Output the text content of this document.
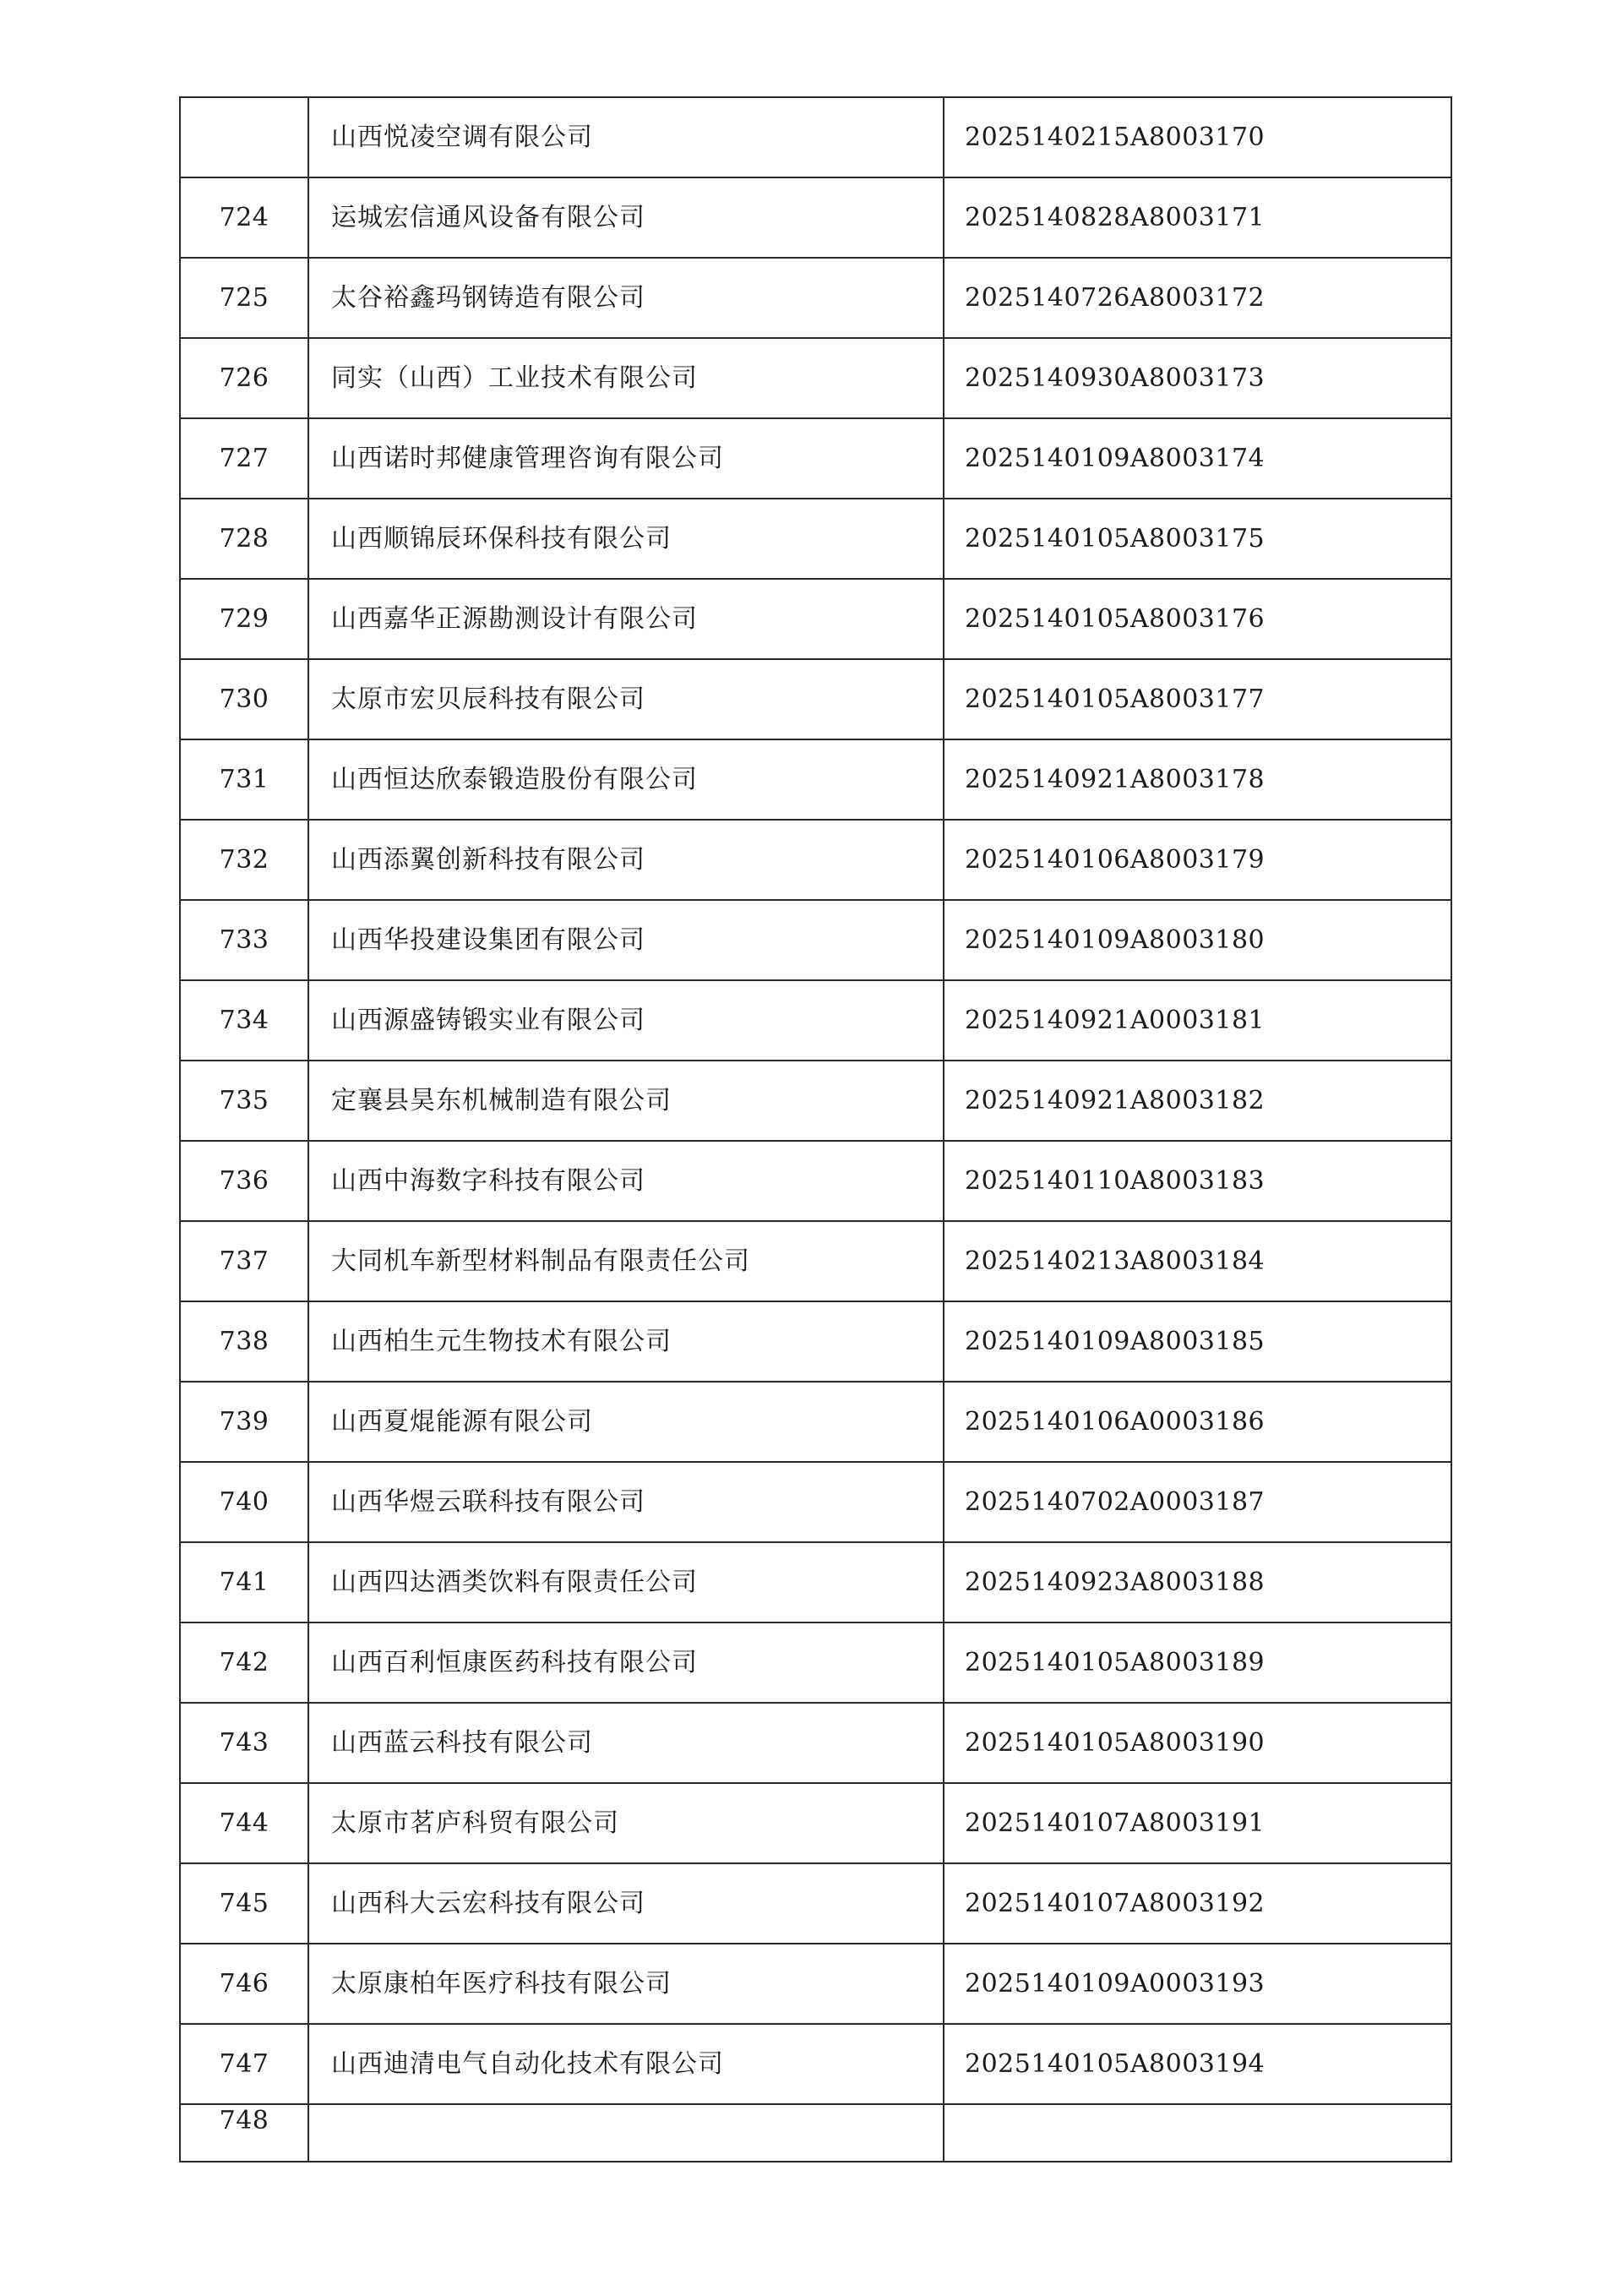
	山西悦凌空调有限公司	2025140215A8003170
724	运城宏信通风设备有限公司	2025140828A8003171
725	太谷裕鑫玛钢铸造有限公司	2025140726A8003172
726	同实（山西）工业技术有限公司	2025140930A8003173
727	山西诺时邦健康管理咨询有限公司	2025140109A8003174
728	山西顺锦辰环保科技有限公司	2025140105A8003175
729	山西嘉华正源勘测设计有限公司	2025140105A8003176
730	太原市宏贝辰科技有限公司	2025140105A8003177
731	山西恒达欣泰锻造股份有限公司	2025140921A8003178
732	山西添翼创新科技有限公司	2025140106A8003179
733	山西华投建设集团有限公司	2025140109A8003180
734	山西源盛铸锻实业有限公司	2025140921A0003181
735	定襄县昊东机械制造有限公司	2025140921A8003182
736	山西中海数字科技有限公司	2025140110A8003183
737	大同机车新型材料制品有限责任公司	2025140213A8003184
738	山西柏生元生物技术有限公司	2025140109A8003185
739	山西夏焜能源有限公司	2025140106A0003186
740	山西华煜云联科技有限公司	2025140702A0003187
741	山西四达酒类饮料有限责任公司	2025140923A8003188
742	山西百利恒康医药科技有限公司	2025140105A8003189
743	山西蓝云科技有限公司	2025140105A8003190
744	太原市茗庐科贸有限公司	2025140107A8003191
745	山西科大云宏科技有限公司	2025140107A8003192
746	太原康柏年医疗科技有限公司	2025140109A0003193
747	山西迪清电气自动化技术有限公司	2025140105A8003194
748		
